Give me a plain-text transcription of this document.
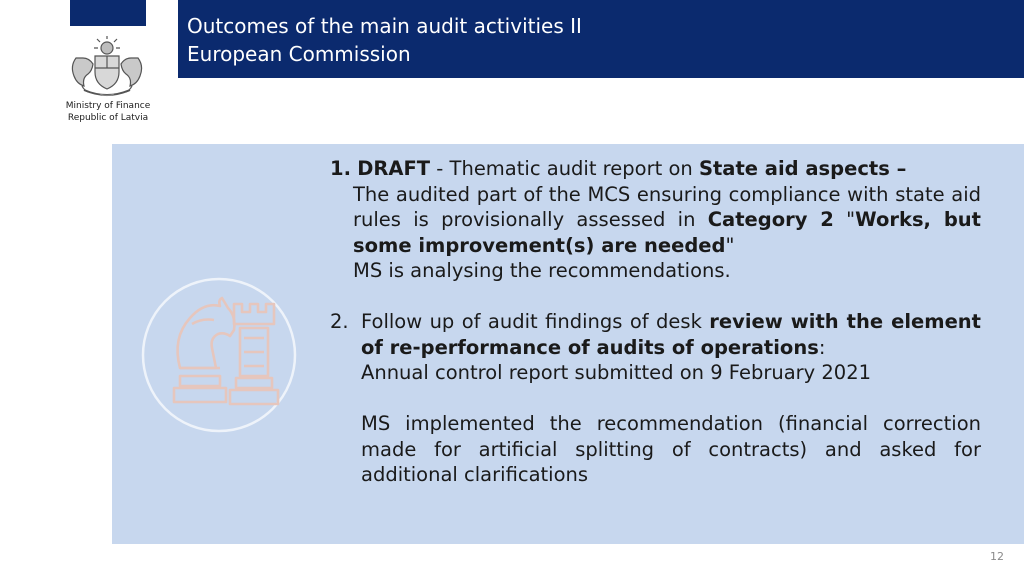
Outcomes of the main audit activities II
European Commission
Ministry of Finance
Republic of Latvia
1. DRAFT - Thematic audit report on State aid aspects –
The audited part of the MCS ensuring compliance with state aid rules is provisionally assessed in Category 2 "Works, but some improvement(s) are needed"
MS is analysing the recommendations.
2. Follow up of audit findings of desk review with the element of re-performance of audits of operations:
Annual control report submitted on 9 February 2021
MS implemented the recommendation (financial correction made for artificial splitting of contracts) and asked for additional clarifications
12
